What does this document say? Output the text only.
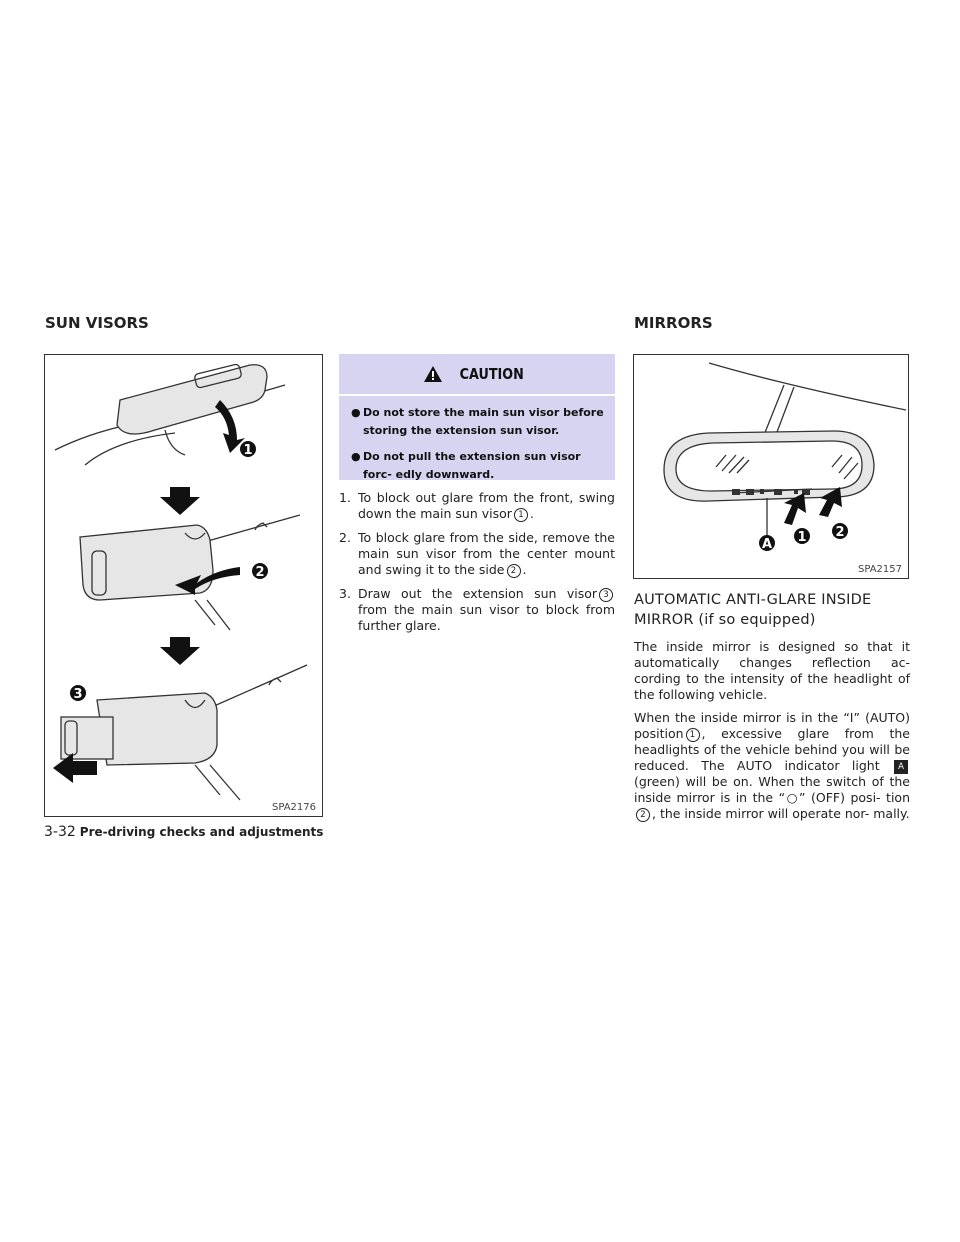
SUN VISORS	MIRRORS
1
2
3
SPA2176
CAUTION
● Do not store the main sun visor before storing the extension sun visor.
● Do not pull the extension sun visor forc- edly downward.
1. To block out glare from the front, swing down the main sun visor 1 .
2. To block glare from the side, remove the main sun visor from the center mount and swing it to the side 2 .
3. Draw out the extension sun visor 3 from the main sun visor to block from further glare.
A 1 2
SPA2157
AUTOMATIC ANTI-GLARE INSIDE
MIRROR (if so equipped)
The inside mirror is designed so that it automatically changes reflection ac- cording to the intensity of the headlight of the following vehicle.
When the inside mirror is in the “I” (AUTO) position 1 , excessive glare from the headlights of the vehicle behind you will be reduced. The AUTO indicator light A (green) will be on. When the switch of the inside mirror is in the “○” (OFF) posi- tion2 , the inside mirror will operate nor- mally.
3-32 Pre-driving checks and adjustments
